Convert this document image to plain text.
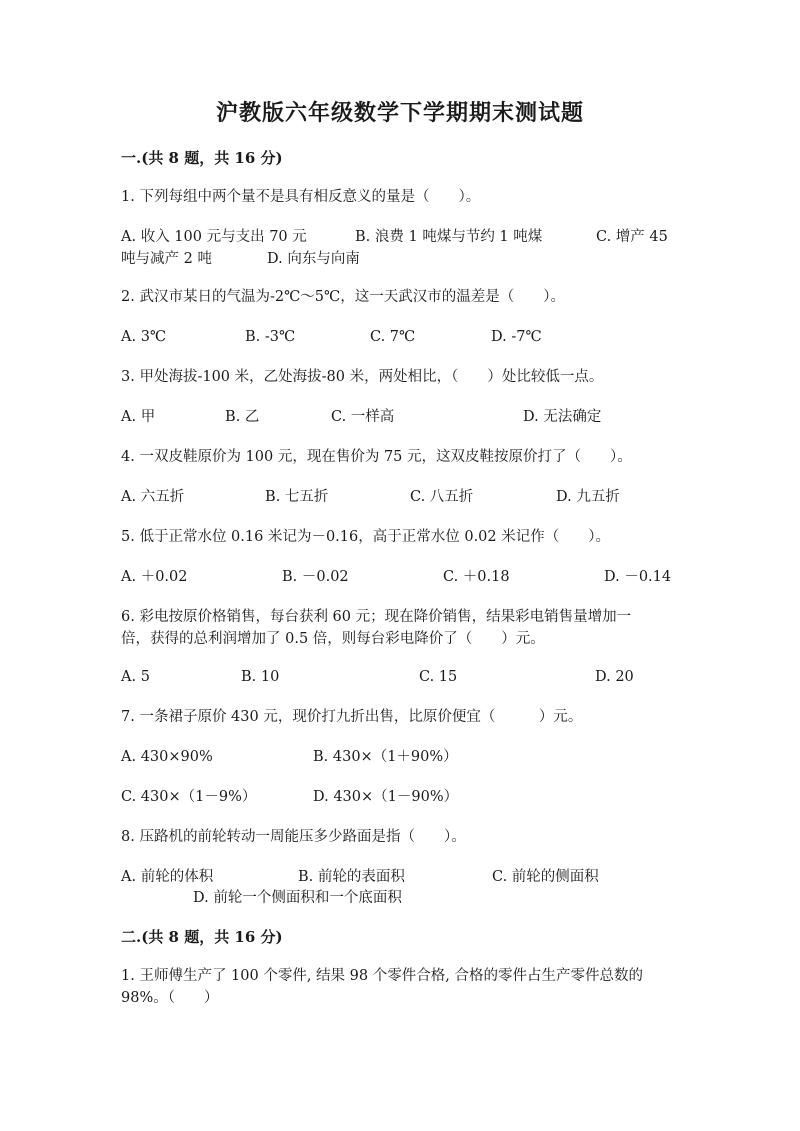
沪教版六年级数学下学期期末测试题
一.(共 8 题，共 16 分)
1. 下列每组中两个量不是具有相反意义的量是（　　）。
A. 收入 100 元与支出 70 元	B. 浪费 1 吨煤与节约 1 吨煤	C. 增产 45
吨与减产 2 吨	D. 向东与向南
2. 武汉市某日的气温为-2℃～5℃，这一天武汉市的温差是（　　）。
A. 3℃	B. -3℃	C. 7℃	D. -7℃
3. 甲处海拔-100 米，乙处海拔-80 米，两处相比，（　　）处比较低一点。
A. 甲	B. 乙	C. 一样高	D. 无法确定
4. 一双皮鞋原价为 100 元，现在售价为 75 元，这双皮鞋按原价打了（　　）。
A. 六五折	B. 七五折	C. 八五折	D. 九五折
5. 低于正常水位 0.16 米记为－0.16，高于正常水位 0.02 米记作（　　）。
A. ＋0.02	B. －0.02	C. ＋0.18	D. －0.14
6. 彩电按原价格销售，每台获利 60 元；现在降价销售，结果彩电销售量增加一
倍，获得的总利润增加了 0.5 倍，则每台彩电降价了（　　）元。
A. 5	B. 10	C. 15	D. 20
7. 一条裙子原价 430 元，现价打九折出售，比原价便宜（　　　）元。
A. 430×90%	B. 430×（1＋90%）
C. 430×（1－9%）	D. 430×（1－90%）
8. 压路机的前轮转动一周能压多少路面是指（　　）。
A. 前轮的体积	B. 前轮的表面积	C. 前轮的侧面积
D. 前轮一个侧面积和一个底面积
二.(共 8 题，共 16 分)
1. 王师傅生产了 100 个零件, 结果 98 个零件合格, 合格的零件占生产零件总数的
98%。（　　）
